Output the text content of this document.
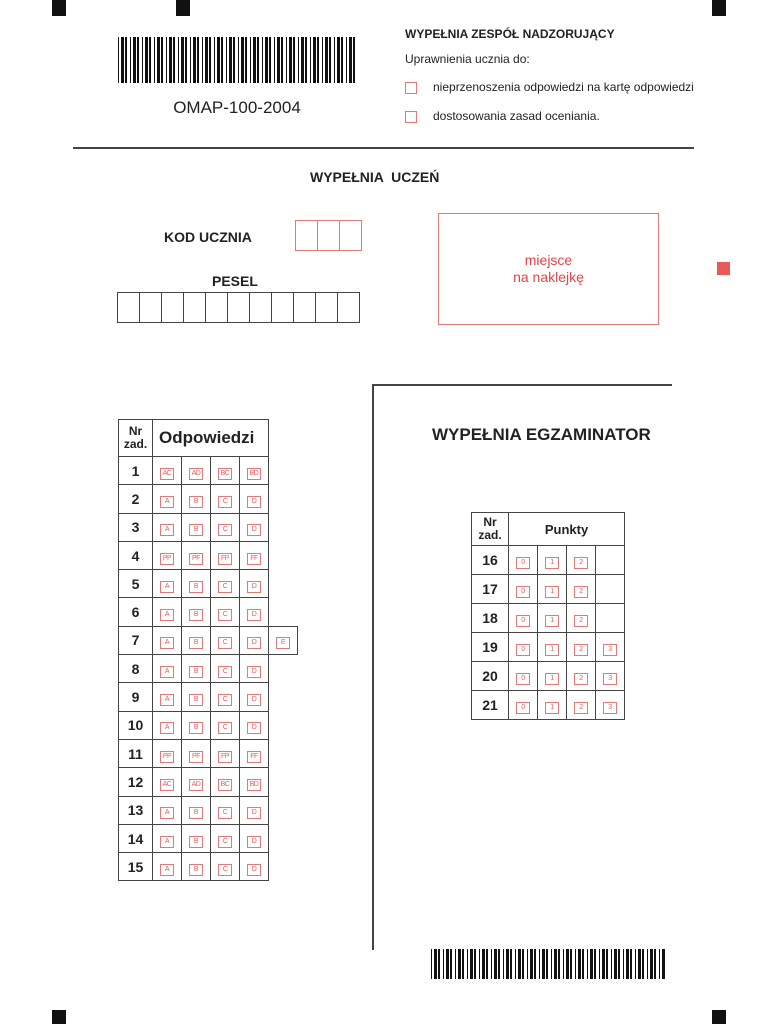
OMAP-100-2004
WYPEŁNIA ZESPÓŁ NADZORUJĄCY
Uprawnienia ucznia do:
nieprzenoszenia odpowiedzi na kartę odpowiedzi
dostosowania zasad oceniania.
WYPEŁNIA  UCZEŃ
KOD UCZNIA
PESEL
miejsce
na naklejkę
Nr
zad.	Odpowiedzi				
1	AC	AD	BC	BD	
2	A	B	C	D	
3	A	B	C	D	
4	PP	PF	FP	FF	
5	A	B	C	D	
6	A	B	C	D	
7	A	B	C	D	E
8	A	B	C	D	
9	A	B	C	D	
10	A	B	C	D	
11	PP	PF	FP	FF	
12	AC	AD	BC	BD	
13	A	B	C	D	
14	A	B	C	D	
15	A	B	C	D	
WYPEŁNIA EGZAMINATOR
Nr
zad.	Punkty			
16	0	1	2	
17	0	1	2	
18	0	1	2	
19	0	1	2	3
20	0	1	2	3
21	0	1	2	3
